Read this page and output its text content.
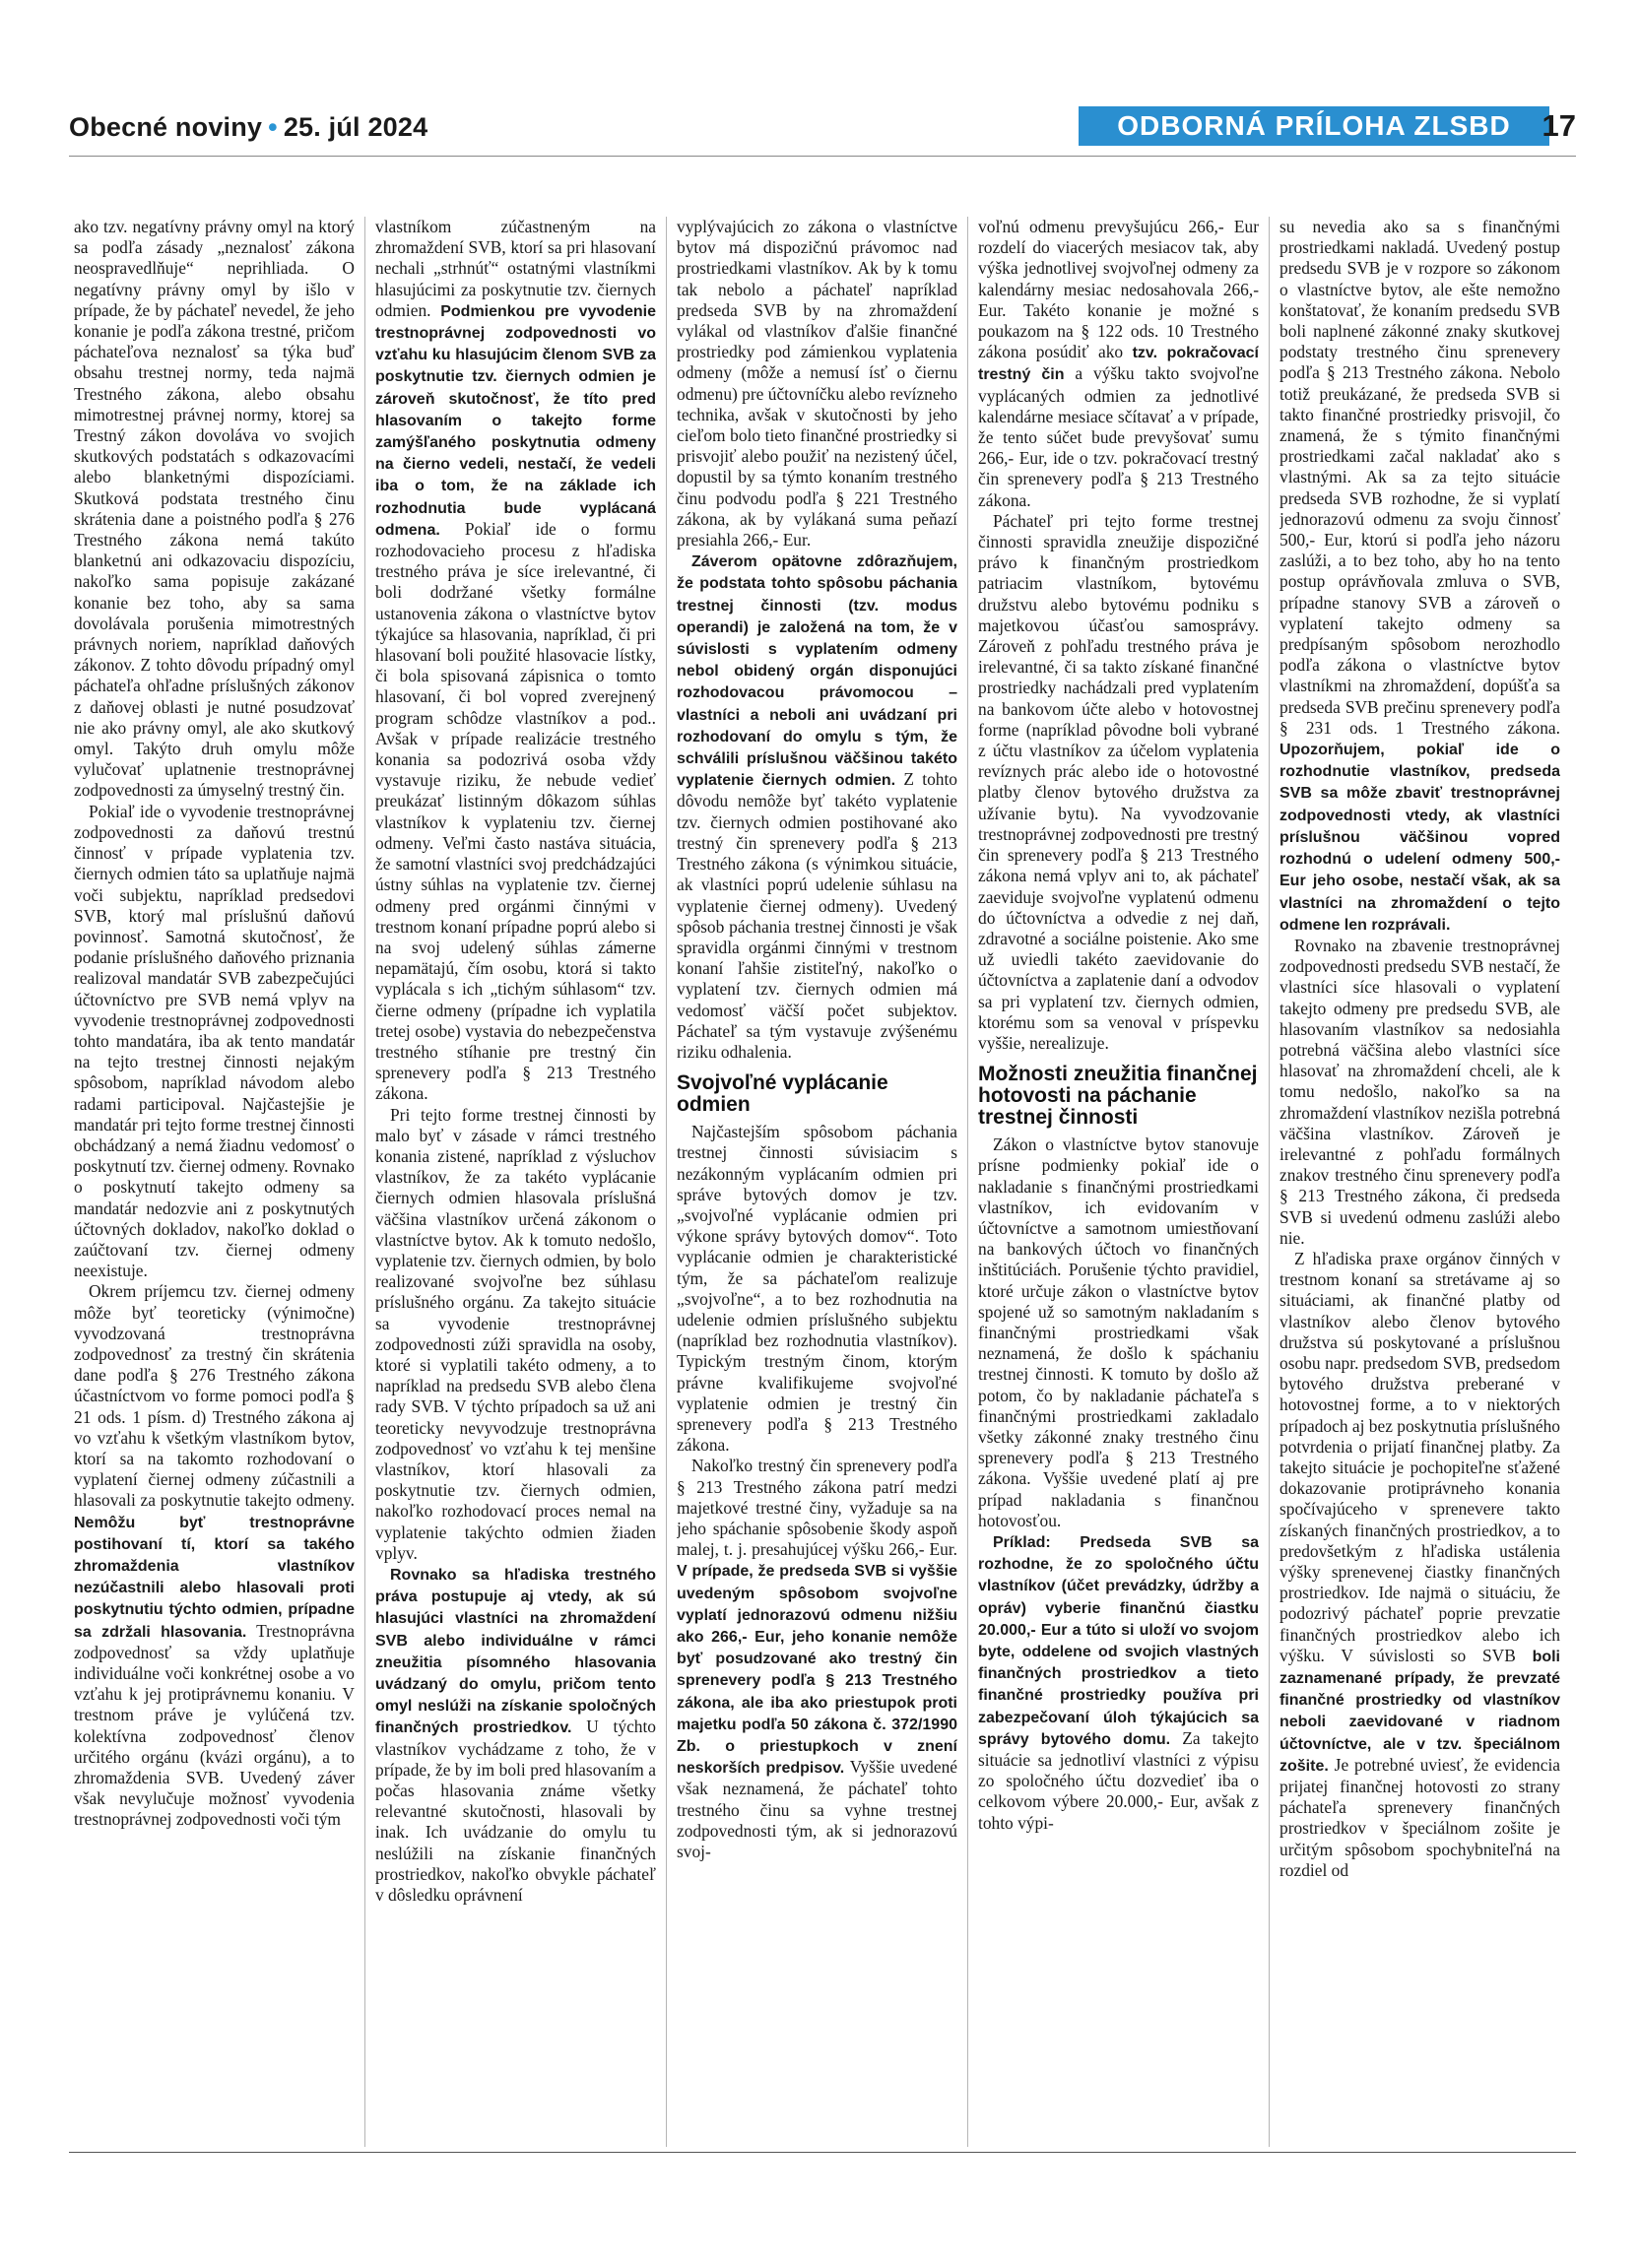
Obecné noviny • 25. júl 2024	ODBORNÁ PRÍLOHA ZLSBD	17

ako tzv. negatívny právny omyl na ktorý sa podľa zásady „neznalosť zákona neospravedlňuje“ neprihliada. O negatívny právny omyl by išlo v prípade, že by páchateľ nevedel, že jeho konanie je podľa zákona trestné, pričom páchateľova neznalosť sa týka buď obsahu trestnej normy, teda najmä Trestného zákona, alebo obsahu mimotrestnej právnej normy, ktorej sa Trestný zákon dovoláva vo svojich skutkových podstatách s odkazovacími alebo blanketnými dispozíciami. Skutková podstata trestného činu skrátenia dane a poistného podľa § 276 Trestného zákona nemá takúto blanketnú ani odkazovaciu dispozíciu, nakoľko sama popisuje zakázané konanie bez toho, aby sa sama dovolávala porušenia mimotrestných právnych noriem, napríklad daňových zákonov. Z tohto dôvodu prípadný omyl páchateľa ohľadne príslušných zákonov z daňovej oblasti je nutné posudzovať nie ako právny omyl, ale ako skutkový omyl. Takýto druh omylu môže vylučovať uplatnenie trestnoprávnej zodpovednosti za úmyselný trestný čin.

Pokiaľ ide o vyvodenie trestnoprávnej zodpovednosti za daňovú trestnú činnosť v prípade vyplatenia tzv. čiernych odmien táto sa uplatňuje najmä voči subjektu, napríklad predsedovi SVB, ktorý mal príslušnú daňovú povinnosť. Samotná skutočnosť, že podanie príslušného daňového priznania realizoval mandatár SVB zabezpečujúci účtovníctvo pre SVB nemá vplyv na vyvodenie trestnoprávnej zodpovednosti tohto mandatára, iba ak tento mandatár na tejto trestnej činnosti nejakým spôsobom, napríklad návodom alebo radami participoval. Najčastejšie je mandatár pri tejto forme trestnej činnosti obchádzaný a nemá žiadnu vedomosť o poskytnutí tzv. čiernej odmeny. Rovnako o poskytnutí takejto odmeny sa mandatár nedozvie ani z poskytnutých účtovných dokladov, nakoľko doklad o zaúčtovaní tzv. čiernej odmeny neexistuje.

Okrem príjemcu tzv. čiernej odmeny môže byť teoreticky (výnimočne) vyvodzovaná trestnoprávna zodpovednosť za trestný čin skrátenia dane podľa § 276 Trestného zákona účastníctvom vo forme pomoci podľa § 21 ods. 1 písm. d) Trestného zákona aj vo vzťahu k všetkým vlastníkom bytov, ktorí sa na takomto rozhodovaní o vyplatení čiernej odmeny zúčastnili a hlasovali za poskytnutie takejto odmeny. Nemôžu byť trestnoprávne postihovaní tí, ktorí sa takého zhromaždenia vlastníkov nezúčastnili alebo hlasovali proti poskytnutiu týchto odmien, prípadne sa zdržali hlasovania. Trestnoprávna zodpovednosť sa vždy uplatňuje individuálne voči konkrétnej osobe a vo vzťahu k jej protiprávnemu konaniu. V trestnom práve je vylúčená tzv. kolektívna zodpovednosť členov určitého orgánu (kvázi orgánu), a to zhromaždenia SVB. Uvedený záver však nevylučuje možnosť vyvodenia trestnoprávnej zodpovednosti voči tým

vlastníkom zúčastneným na zhromaždení SVB, ktorí sa pri hlasovaní nechali „strhnúť“ ostatnými vlastníkmi hlasujúcimi za poskytnutie tzv. čiernych odmien. Podmienkou pre vyvodenie trestnoprávnej zodpovednosti vo vzťahu ku hlasujúcim členom SVB za poskytnutie tzv. čiernych odmien je zároveň skutočnosť, že títo pred hlasovaním o takejto forme zamýšľaného poskytnutia odmeny na čierno vedeli, nestačí, že vedeli iba o tom, že na základe ich rozhodnutia bude vyplácaná odmena. Pokiaľ ide o formu rozhodovacieho procesu z hľadiska trestného práva je síce irelevantné, či boli dodržané všetky formálne ustanovenia zákona o vlastníctve bytov týkajúce sa hlasovania, napríklad, či pri hlasovaní boli použité hlasovacie lístky, či bola spisovaná zápisnica o tomto hlasovaní, či bol vopred zverejnený program schôdze vlastníkov a pod.. Avšak v prípade realizácie trestného konania sa podozrivá osoba vždy vystavuje riziku, že nebude vedieť preukázať listinným dôkazom súhlas vlastníkov k vyplateniu tzv. čiernej odmeny. Veľmi často nastáva situácia, že samotní vlastníci svoj predchádzajúci ústny súhlas na vyplatenie tzv. čiernej odmeny pred orgánmi činnými v trestnom konaní prípadne poprú alebo si na svoj udelený súhlas zámerne nepamätajú, čím osobu, ktorá si takto vyplácala s ich „tichým súhlasom“ tzv. čierne odmeny (prípadne ich vyplatila tretej osobe) vystavia do nebezpečenstva trestného stíhanie pre trestný čin sprenevery podľa § 213 Trestného zákona.

Pri tejto forme trestnej činnosti by malo byť v zásade v rámci trestného konania zistené, napríklad z výsluchov vlastníkov, že za takéto vyplácanie čiernych odmien hlasovala príslušná väčšina vlastníkov určená zákonom o vlastníctve bytov. Ak k tomuto nedošlo, vyplatenie tzv. čiernych odmien, by bolo realizované svojvoľne bez súhlasu príslušného orgánu. Za takejto situácie sa vyvodenie trestnoprávnej zodpovednosti zúži spravidla na osoby, ktoré si vyplatili takéto odmeny, a to napríklad na predsedu SVB alebo člena rady SVB. V týchto prípadoch sa už ani teoreticky nevyvodzuje trestnoprávna zodpovednosť vo vzťahu k tej menšine vlastníkov, ktorí hlasovali za poskytnutie tzv. čiernych odmien, nakoľko rozhodovací proces nemal na vyplatenie takýchto odmien žiaden vplyv.

Rovnako sa hľadiska trestného práva postupuje aj vtedy, ak sú hlasujúci vlastníci na zhromaždení SVB alebo individuálne v rámci zneužitia písomného hlasovania uvádzaný do omylu, pričom tento omyl neslúži na získanie spoločných finančných prostriedkov. U týchto vlastníkov vychádzame z toho, že v prípade, že by im boli pred hlasovaním a počas hlasovania známe všetky relevantné skutočnosti, hlasovali by inak. Ich uvádzanie do omylu tu neslúžili na získanie finančných prostriedkov, nakoľko obvykle páchateľ v dôsledku oprávnení

vyplývajúcich zo zákona o vlastníctve bytov má dispozičnú právomoc nad prostriedkami vlastníkov. Ak by k tomu tak nebolo a páchateľ napríklad predseda SVB by na zhromaždení vylákal od vlastníkov ďalšie finančné prostriedky pod zámienkou vyplatenia odmeny (môže a nemusí ísť o čiernu odmenu) pre účtovníčku alebo revízneho technika, avšak v skutočnosti by jeho cieľom bolo tieto finančné prostriedky si prisvojiť alebo použiť na nezistený účel, dopustil by sa týmto konaním trestného činu podvodu podľa § 221 Trestného zákona, ak by vylákaná suma peňazí presiahla 266,- Eur.

Záverom opätovne zdôrazňujem, že podstata tohto spôsobu páchania trestnej činnosti (tzv. modus operandi) je založená na tom, že v súvislosti s vyplatením odmeny nebol obidený orgán disponujúci rozhodovacou právomocou – vlastníci a neboli ani uvádzaní pri rozhodovaní do omylu s tým, že schválili príslušnou väčšinou takéto vyplatenie čiernych odmien. Z tohto dôvodu nemôže byť takéto vyplatenie tzv. čiernych odmien postihované ako trestný čin sprenevery podľa § 213 Trestného zákona (s výnimkou situácie, ak vlastníci poprú udelenie súhlasu na vyplatenie čiernej odmeny). Uvedený spôsob páchania trestnej činnosti je však spravidla orgánmi činnými v trestnom konaní ľahšie zistiteľný, nakoľko o vyplatení tzv. čiernych odmien má vedomosť väčší počet subjektov. Páchateľ sa tým vystavuje zvýšenému riziku odhalenia.

Svojvoľné vyplácanie odmien

Najčastejším spôsobom páchania trestnej činnosti súvisiacim s nezákonným vyplácaním odmien pri správe bytových domov je tzv. „svojvoľné vyplácanie odmien pri výkone správy bytových domov“. Toto vyplácanie odmien je charakteristické tým, že sa páchateľom realizuje „svojvoľne“, a to bez rozhodnutia na udelenie odmien príslušného subjektu (napríklad bez rozhodnutia vlastníkov). Typickým trestným činom, ktorým právne kvalifikujeme svojvoľné vyplatenie odmien je trestný čin sprenevery podľa § 213 Trestného zákona.

Nakoľko trestný čin sprenevery podľa § 213 Trestného zákona patrí medzi majetkové trestné činy, vyžaduje sa na jeho spáchanie spôsobenie škody aspoň malej, t. j. presahujúcej výšku 266,- Eur. V prípade, že predseda SVB si vyššie uvedeným spôsobom svojvoľne vyplatí jednorazovú odmenu nižšiu ako 266,- Eur, jeho konanie nemôže byť posudzované ako trestný čin sprenevery podľa § 213 Trestného zákona, ale iba ako priestupok proti majetku podľa 50 zákona č. 372/1990 Zb. o priestupkoch v znení neskorších predpisov. Vyššie uvedené však neznamená, že páchateľ tohto trestného činu sa vyhne trestnej zodpovednosti tým, ak si jednorazovú svoj-

voľnú odmenu prevyšujúcu 266,- Eur rozdelí do viacerých mesiacov tak, aby výška jednotlivej svojvoľnej odmeny za kalendárny mesiac nedosahovala 266,- Eur. Takéto konanie je možné s poukazom na § 122 ods. 10 Trestného zákona posúdiť ako tzv. pokračovací trestný čin a výšku takto svojvoľne vyplácaných odmien za jednotlivé kalendárne mesiace sčítavať a v prípade, že tento súčet bude prevyšovať sumu 266,- Eur, ide o tzv. pokračovací trestný čin sprenevery podľa § 213 Trestného zákona.

Páchateľ pri tejto forme trestnej činnosti spravidla zneužije dispozičné právo k finančným prostriedkom patriacim vlastníkom, bytovému družstvu alebo bytovému podniku s majetkovou účasťou samosprávy. Zároveň z pohľadu trestného práva je irelevantné, či sa takto získané finančné prostriedky nachádzali pred vyplatením na bankovom účte alebo v hotovostnej forme (napríklad pôvodne boli vybrané z účtu vlastníkov za účelom vyplatenia revíznych prác alebo ide o hotovostné platby členov bytového družstva za užívanie bytu). Na vyvodzovanie trestnoprávnej zodpovednosti pre trestný čin sprenevery podľa § 213 Trestného zákona nemá vplyv ani to, ak páchateľ zaeviduje svojvoľne vyplatenú odmenu do účtovníctva a odvedie z nej daň, zdravotné a sociálne poistenie. Ako sme už uviedli takéto zaevidovanie do účtovníctva a zaplatenie daní a odvodov sa pri vyplatení tzv. čiernych odmien, ktorému som sa venoval v príspevku vyššie, nerealizuje.

Možnosti zneužitia finančnej hotovosti na páchanie trestnej činnosti

Zákon o vlastníctve bytov stanovuje prísne podmienky pokiaľ ide o nakladanie s finančnými prostriedkami vlastníkov, ich evidovaním v účtovníctve a samotnom umiestňovaní na bankových účtoch vo finančných inštitúciách. Porušenie týchto pravidiel, ktoré určuje zákon o vlastníctve bytov spojené už so samotným nakladaním s finančnými prostriedkami však neznamená, že došlo k spáchaniu trestnej činnosti. K tomuto by došlo až potom, čo by nakladanie páchateľa s finančnými prostriedkami zakladalo všetky zákonné znaky trestného činu sprenevery podľa § 213 Trestného zákona. Vyššie uvedené platí aj pre prípad nakladania s finančnou hotovosťou.

Príklad: Predseda SVB sa rozhodne, že zo spoločného účtu vlastníkov (účet prevádzky, údržby a opráv) vyberie finančnú čiastku 20.000,- Eur a túto si uloží vo svojom byte, oddelene od svojich vlastných finančných prostriedkov a tieto finančné prostriedky používa pri zabezpečovaní úloh týkajúcich sa správy bytového domu. Za takejto situácie sa jednotliví vlastníci z výpisu zo spoločného účtu dozvedieť iba o celkovom výbere 20.000,- Eur, avšak z tohto výpi-

su nevedia ako sa s finančnými prostriedkami nakladá. Uvedený postup predsedu SVB je v rozpore so zákonom o vlastníctve bytov, ale ešte nemožno konštatovať, že konaním predsedu SVB boli naplnené zákonné znaky skutkovej podstaty trestného činu sprenevery podľa § 213 Trestného zákona. Nebolo totiž preukázané, že predseda SVB si takto finančné prostriedky prisvojil, čo znamená, že s týmito finančnými prostriedkami začal nakladať ako s vlastnými. Ak sa za tejto situácie predseda SVB rozhodne, že si vyplatí jednorazovú odmenu za svoju činnosť 500,- Eur, ktorú si podľa jeho názoru zaslúži, a to bez toho, aby ho na tento postup oprávňovala zmluva o SVB, prípadne stanovy SVB a zároveň o vyplatení takejto odmeny sa predpísaným spôsobom nerozhodlo podľa zákona o vlastníctve bytov vlastníkmi na zhromaždení, dopúšťa sa predseda SVB prečinu sprenevery podľa § 231 ods. 1 Trestného zákona. Upozorňujem, pokiaľ ide o rozhodnutie vlastníkov, predseda SVB sa môže zbaviť trestnoprávnej zodpovednosti vtedy, ak vlastníci príslušnou väčšinou vopred rozhodnú o udelení odmeny 500,- Eur jeho osobe, nestačí však, ak sa vlastníci na zhromaždení o tejto odmene len rozprávali.

Rovnako na zbavenie trestnoprávnej zodpovednosti predsedu SVB nestačí, že vlastníci síce hlasovali o vyplatení takejto odmeny pre predsedu SVB, ale hlasovaním vlastníkov sa nedosiahla potrebná väčšina alebo vlastníci síce hlasovať na zhromaždení chceli, ale k tomu nedošlo, nakoľko sa na zhromaždení vlastníkov nezišla potrebná väčšina vlastníkov. Zároveň je irelevantné z pohľadu formálnych znakov trestného činu sprenevery podľa § 213 Trestného zákona, či predseda SVB si uvedenú odmenu zaslúži alebo nie.

Z hľadiska praxe orgánov činných v trestnom konaní sa stretávame aj so situáciami, ak finančné platby od vlastníkov alebo členov bytového družstva sú poskytované a príslušnou osobu napr. predsedom SVB, predsedom bytového družstva preberané v hotovostnej forme, a to v niektorých prípadoch aj bez poskytnutia príslušného potvrdenia o prijatí finančnej platby. Za takejto situácie je pochopiteľne sťažené dokazovanie protiprávneho konania spočívajúceho v sprenevere takto získaných finančných prostriedkov, a to predovšetkým z hľadiska ustálenia výšky sprenevenej čiastky finančných prostriedkov. Ide najmä o situáciu, že podozrivý páchateľ poprie prevzatie finančných prostriedkov alebo ich výšku. V súvislosti so SVB boli zaznamenané prípady, že prevzaté finančné prostriedky od vlastníkov neboli zaevidované v riadnom účtovníctve, ale v tzv. špeciálnom zošite. Je potrebné uviesť, že evidencia prijatej finančnej hotovosti zo strany páchateľa sprenevery finančných prostriedkov v špeciálnom zošite je určitým spôsobom spochybniteľná na rozdiel od
